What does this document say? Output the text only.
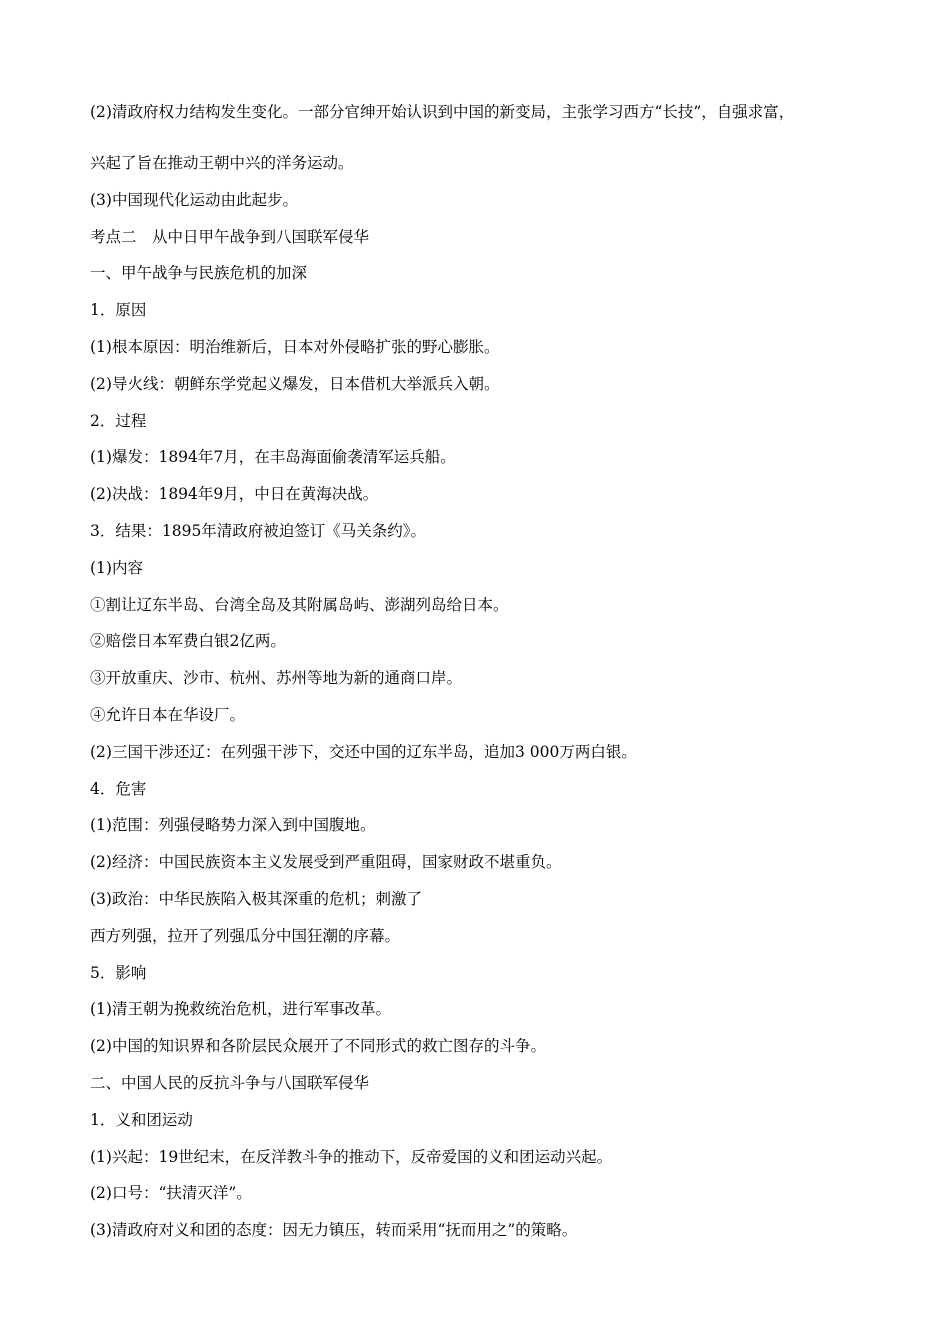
(2)清政府权力结构发生变化。一部分官绅开始认识到中国的新变局，主张学习西方“长技”，自强求富，
兴起了旨在推动王朝中兴的洋务运动。
(3)中国现代化运动由此起步。
考点二　从中日甲午战争到八国联军侵华
一、甲午战争与民族危机的加深
1．原因
(1)根本原因：明治维新后，日本对外侵略扩张的野心膨胀。
(2)导火线：朝鲜东学党起义爆发，日本借机大举派兵入朝。
2．过程
(1)爆发：1894年7月，在丰岛海面偷袭清军运兵船。
(2)决战：1894年9月，中日在黄海决战。
3．结果：1895年清政府被迫签订《马关条约》。
(1)内容
①割让辽东半岛、台湾全岛及其附属岛屿、澎湖列岛给日本。
②赔偿日本军费白银2亿两。
③开放重庆、沙市、杭州、苏州等地为新的通商口岸。
④允许日本在华设厂。
(2)三国干涉还辽：在列强干涉下，交还中国的辽东半岛，追加3 000万两白银。
4．危害
(1)范围：列强侵略势力深入到中国腹地。
(2)经济：中国民族资本主义发展受到严重阻碍，国家财政不堪重负。
(3)政治：中华民族陷入极其深重的危机；刺激了
西方列强，拉开了列强瓜分中国狂潮的序幕。
5．影响
(1)清王朝为挽救统治危机，进行军事改革。
(2)中国的知识界和各阶层民众展开了不同形式的救亡图存的斗争。
二、中国人民的反抗斗争与八国联军侵华
1．义和团运动
(1)兴起：19世纪末，在反洋教斗争的推动下，反帝爱国的义和团运动兴起。
(2)口号：“扶清灭洋”。
(3)清政府对义和团的态度：因无力镇压，转而采用“抚而用之”的策略。
